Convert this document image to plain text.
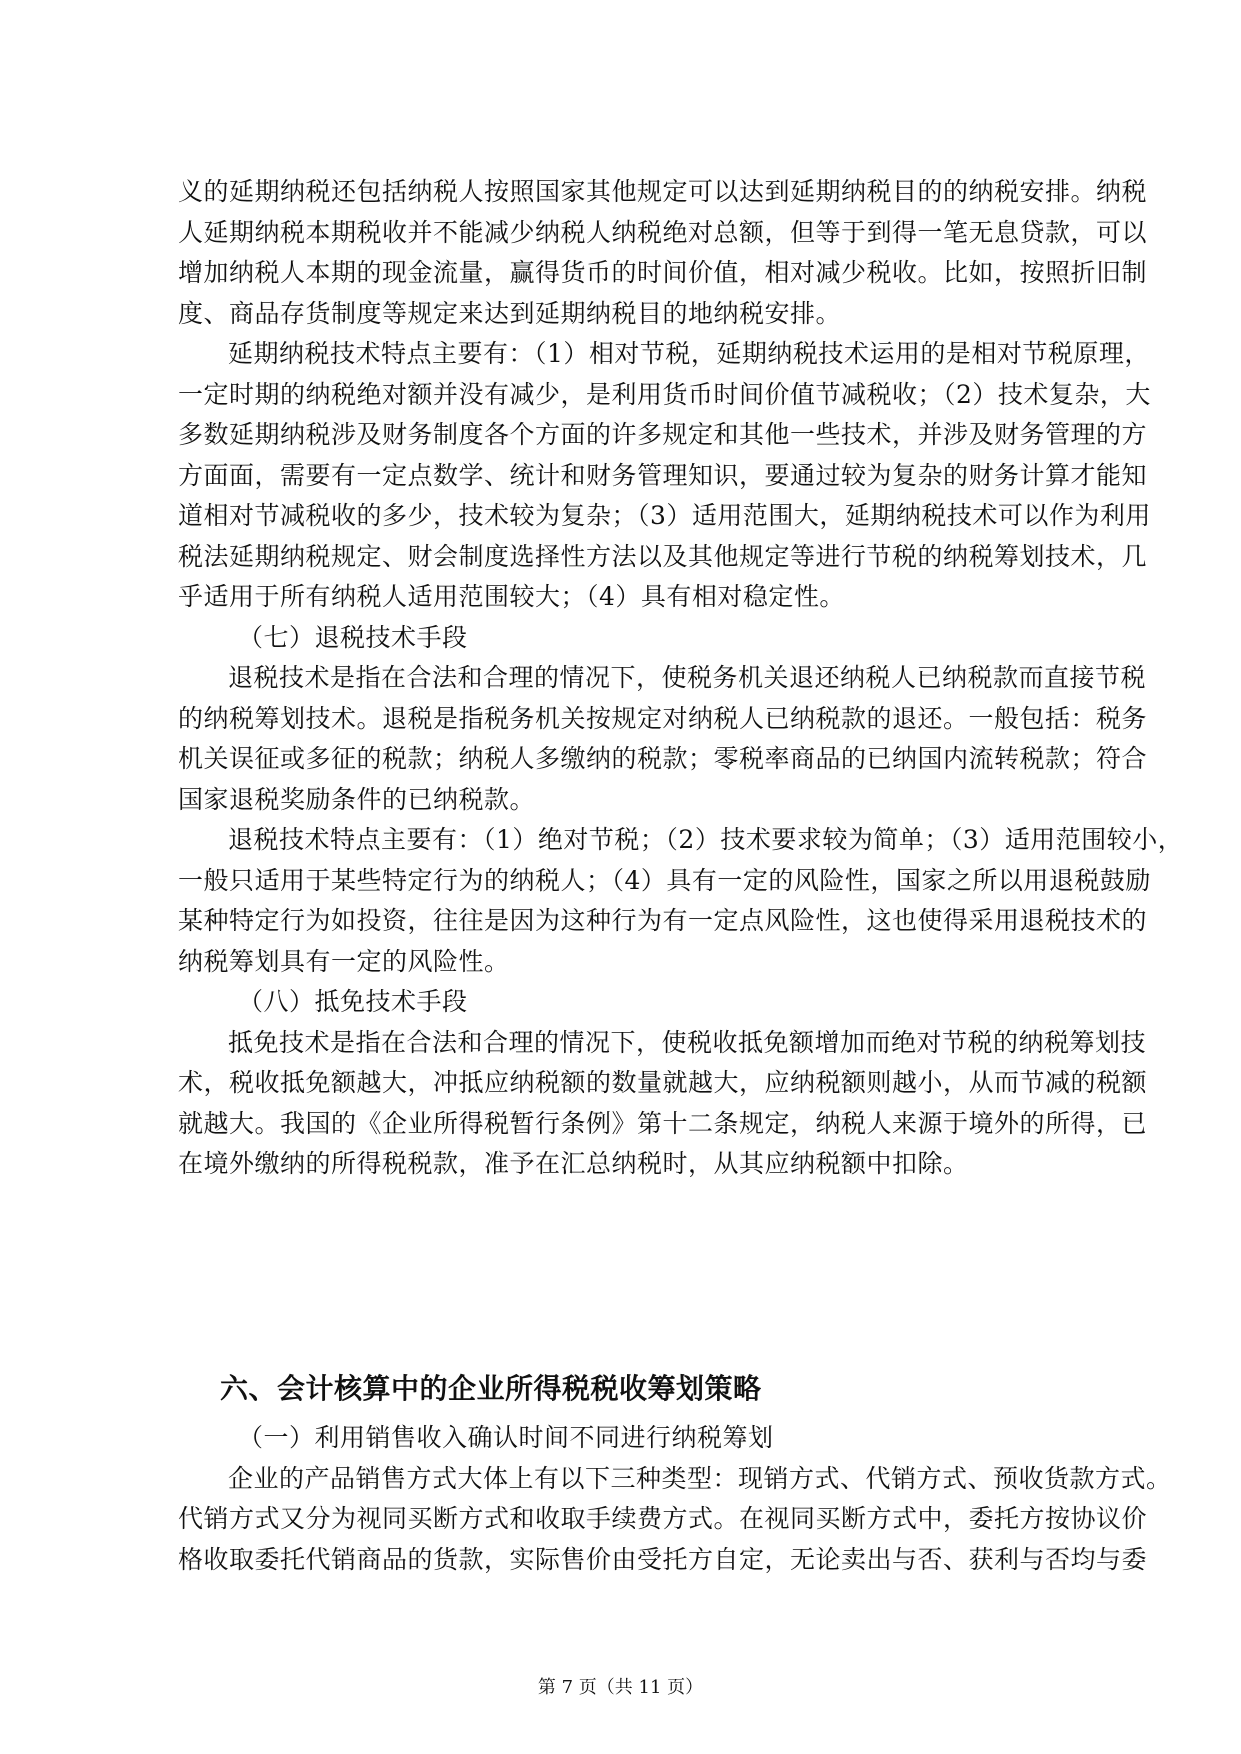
义的延期纳税还包括纳税人按照国家其他规定可以达到延期纳税目的的纳税安排。纳税
人延期纳税本期税收并不能减少纳税人纳税绝对总额，但等于到得一笔无息贷款，可以
增加纳税人本期的现金流量，赢得货币的时间价值，相对减少税收。比如，按照折旧制
度、商品存货制度等规定来达到延期纳税目的地纳税安排。
延期纳税技术特点主要有：（1）相对节税，延期纳税技术运用的是相对节税原理，
一定时期的纳税绝对额并没有减少，是利用货币时间价值节减税收；（2）技术复杂，大
多数延期纳税涉及财务制度各个方面的许多规定和其他一些技术，并涉及财务管理的方
方面面，需要有一定点数学、统计和财务管理知识，要通过较为复杂的财务计算才能知
道相对节减税收的多少，技术较为复杂；（3）适用范围大，延期纳税技术可以作为利用
税法延期纳税规定、财会制度选择性方法以及其他规定等进行节税的纳税筹划技术，几
乎适用于所有纳税人适用范围较大；（4）具有相对稳定性。
（七）退税技术手段
退税技术是指在合法和合理的情况下，使税务机关退还纳税人已纳税款而直接节税
的纳税筹划技术。退税是指税务机关按规定对纳税人已纳税款的退还。一般包括：税务
机关误征或多征的税款；纳税人多缴纳的税款；零税率商品的已纳国内流转税款；符合
国家退税奖励条件的已纳税款。
退税技术特点主要有：（1）绝对节税；（2）技术要求较为简单；（3）适用范围较小，
一般只适用于某些特定行为的纳税人；（4）具有一定的风险性，国家之所以用退税鼓励
某种特定行为如投资，往往是因为这种行为有一定点风险性，这也使得采用退税技术的
纳税筹划具有一定的风险性。
（八）抵免技术手段
抵免技术是指在合法和合理的情况下，使税收抵免额增加而绝对节税的纳税筹划技
术，税收抵免额越大，冲抵应纳税额的数量就越大，应纳税额则越小，从而节减的税额
就越大。我国的《企业所得税暂行条例》第十二条规定，纳税人来源于境外的所得，已
在境外缴纳的所得税税款，准予在汇总纳税时，从其应纳税额中扣除。
六、会计核算中的企业所得税税收筹划策略
（一）利用销售收入确认时间不同进行纳税筹划
企业的产品销售方式大体上有以下三种类型：现销方式、代销方式、预收货款方式。
代销方式又分为视同买断方式和收取手续费方式。在视同买断方式中，委托方按协议价
格收取委托代销商品的货款，实际售价由受托方自定，无论卖出与否、获利与否均与委
第 7 页（共 11 页）
